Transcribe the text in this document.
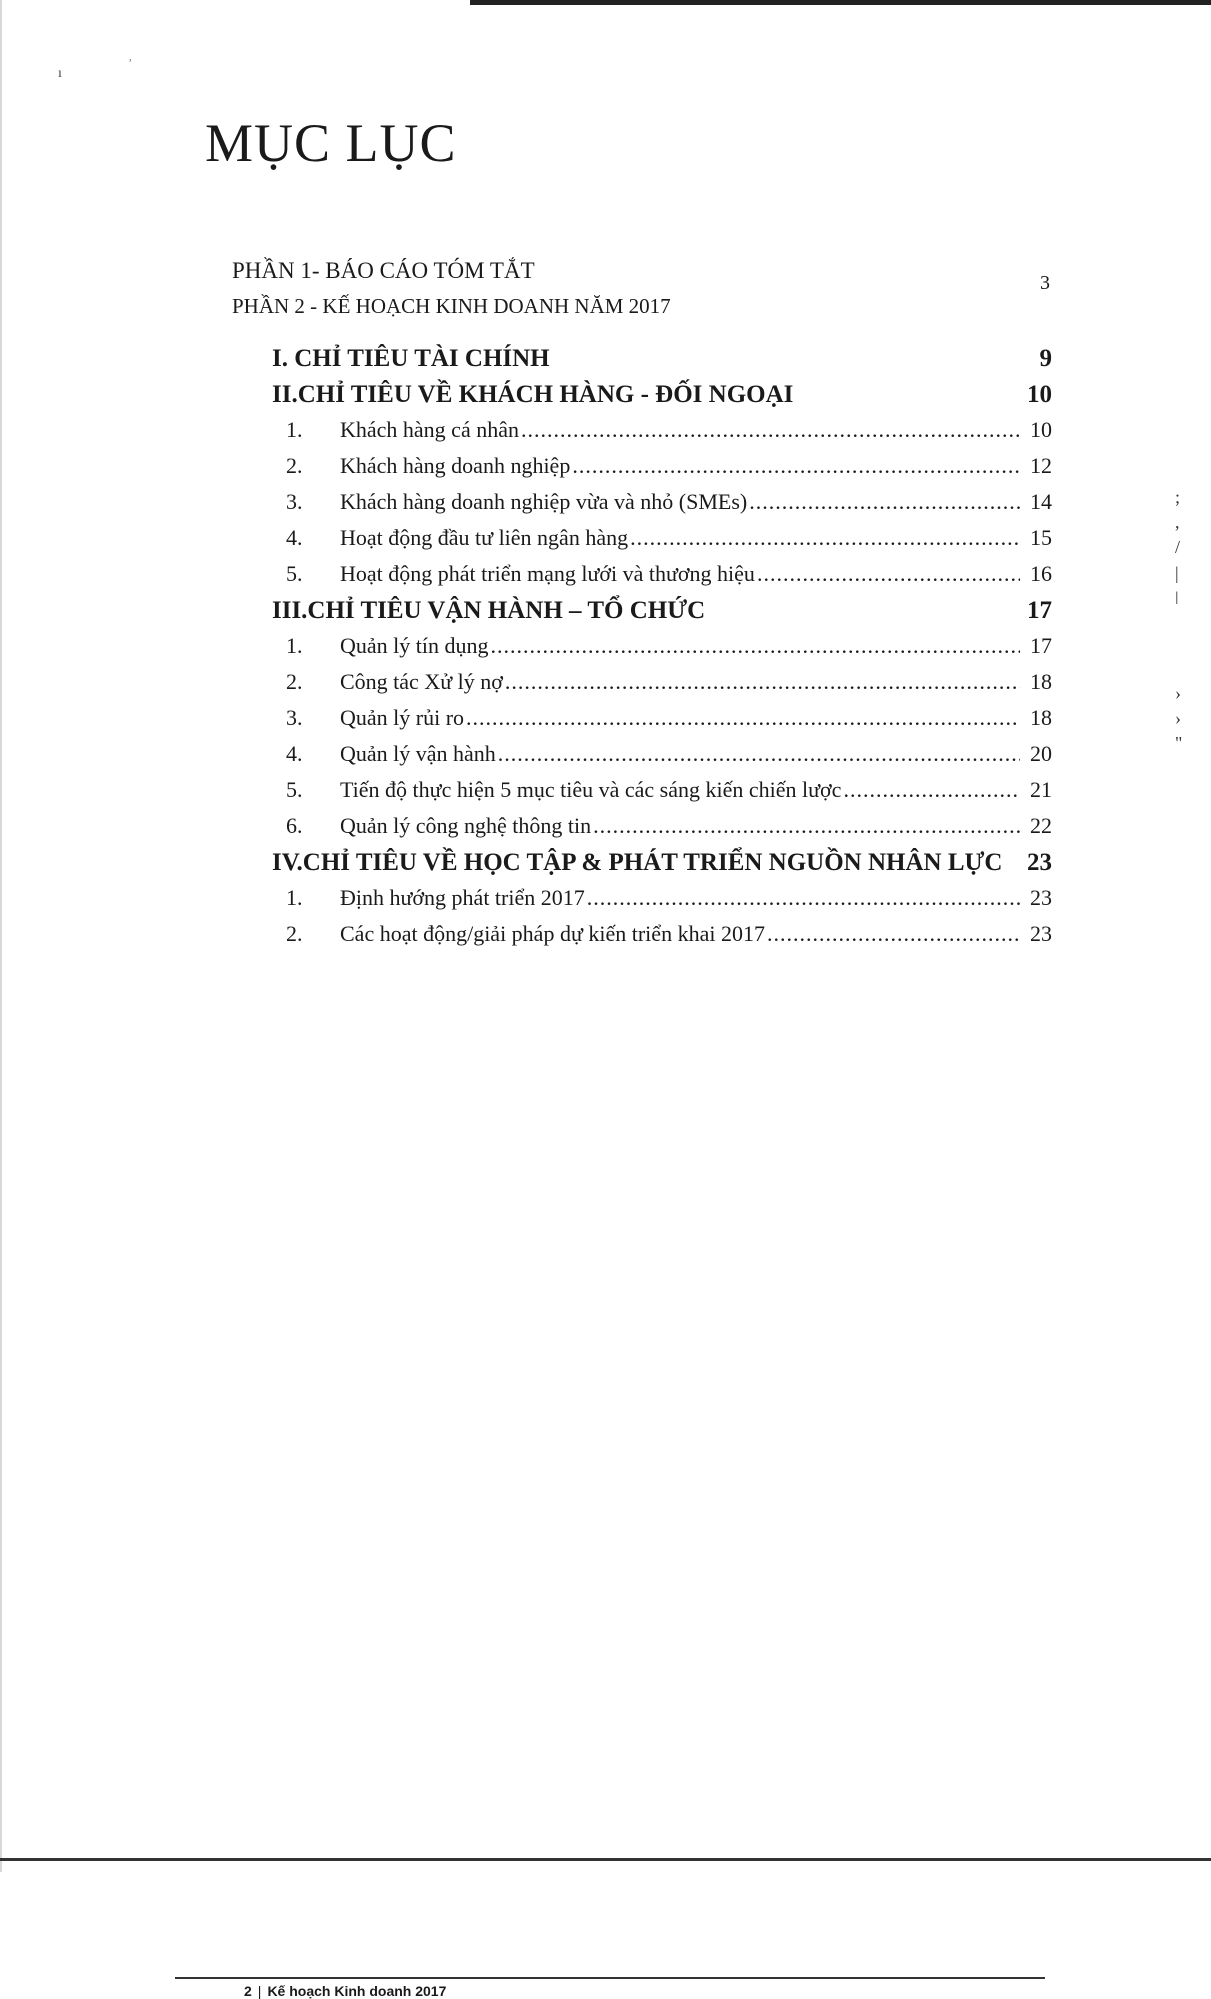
ı
ʾ
;
,
/
|
ǀ
›
›
"
MỤC LỤC
PHẦN 1- BÁO CÁO TÓM TẮT	3
PHẦN 2 - KẾ HOẠCH KINH DOANH NĂM 2017
I. CHỈ TIÊU TÀI CHÍNH	9
II.CHỈ TIÊU VỀ KHÁCH HÀNG - ĐỐI NGOẠI	10
1.	Khách hàng cá nhân .....	10
2.	Khách hàng doanh nghiệp .....	12
3.	Khách hàng doanh nghiệp vừa và nhỏ (SMEs) .....	14
4.	Hoạt động đầu tư liên ngân hàng .....	15
5.	Hoạt động phát triển mạng lưới và thương hiệu .....	16
III.CHỈ TIÊU VẬN HÀNH – TỔ CHỨC	17
1.	Quản lý tín dụng .....	17
2.	Công tác Xử lý nợ .....	18
3.	Quản lý rủi ro .....	18
4.	Quản lý vận hành .....	20
5.	Tiến độ thực hiện 5 mục tiêu và các sáng kiến chiến lược .....	21
6.	Quản lý công nghệ thông tin .....	22
IV.CHỈ TIÊU VỀ HỌC TẬP & PHÁT TRIỂN NGUỒN NHÂN LỰC 23
1.	Định hướng phát triển 2017 .....	23
2.	Các hoạt động/giải pháp dự kiến triển khai 2017 .....	23
2 | Kế hoạch Kinh doanh 2017
